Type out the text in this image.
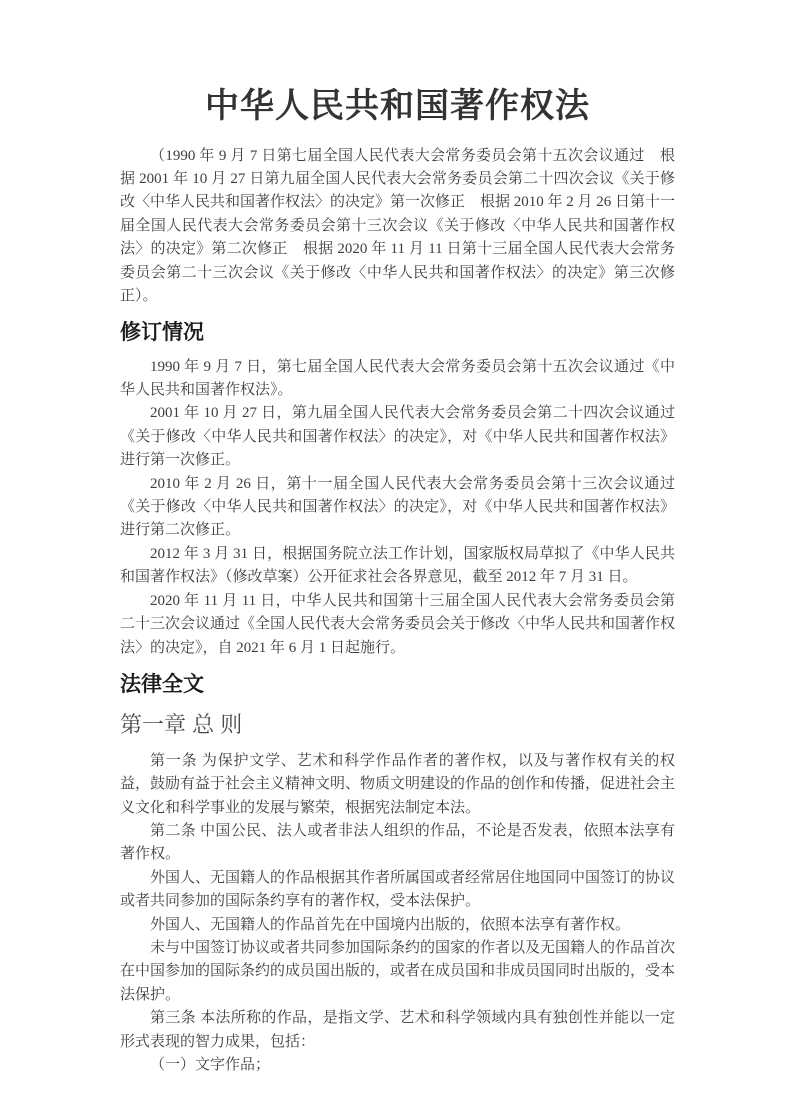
中华人民共和国著作权法

（1990 年 9 月 7 日第七届全国人民代表大会常务委员会第十五次会议通过　根据 2001 年 10 月 27 日第九届全国人民代表大会常务委员会第二十四次会议《关于修改〈中华人民共和国著作权法〉的决定》第一次修正　根据 2010 年 2 月 26 日第十一届全国人民代表大会常务委员会第十三次会议《关于修改〈中华人民共和国著作权法〉的决定》第二次修正　根据 2020 年 11 月 11 日第十三届全国人民代表大会常务委员会第二十三次会议《关于修改〈中华人民共和国著作权法〉的决定》第三次修正）。

修订情况

1990 年 9 月 7 日，第七届全国人民代表大会常务委员会第十五次会议通过《中华人民共和国著作权法》。

2001 年 10 月 27 日，第九届全国人民代表大会常务委员会第二十四次会议通过《关于修改〈中华人民共和国著作权法〉的决定》，对《中华人民共和国著作权法》进行第一次修正。

2010 年 2 月 26 日，第十一届全国人民代表大会常务委员会第十三次会议通过《关于修改〈中华人民共和国著作权法〉的决定》，对《中华人民共和国著作权法》进行第二次修正。

2012 年 3 月 31 日，根据国务院立法工作计划，国家版权局草拟了《中华人民共和国著作权法》（修改草案）公开征求社会各界意见，截至 2012 年 7 月 31 日。

2020 年 11 月 11 日，中华人民共和国第十三届全国人民代表大会常务委员会第二十三次会议通过《全国人民代表大会常务委员会关于修改〈中华人民共和国著作权法〉的决定》，自 2021 年 6 月 1 日起施行。

法律全文
第一章 总 则

第一条 为保护文学、艺术和科学作品作者的著作权，以及与著作权有关的权益，鼓励有益于社会主义精神文明、物质文明建设的作品的创作和传播，促进社会主义文化和科学事业的发展与繁荣，根据宪法制定本法。

第二条 中国公民、法人或者非法人组织的作品，不论是否发表，依照本法享有著作权。

外国人、无国籍人的作品根据其作者所属国或者经常居住地国同中国签订的协议或者共同参加的国际条约享有的著作权，受本法保护。

外国人、无国籍人的作品首先在中国境内出版的，依照本法享有著作权。

未与中国签订协议或者共同参加国际条约的国家的作者以及无国籍人的作品首次在中国参加的国际条约的成员国出版的，或者在成员国和非成员国同时出版的，受本法保护。

第三条 本法所称的作品，是指文学、艺术和科学领域内具有独创性并能以一定形式表现的智力成果，包括：

（一）文字作品；
